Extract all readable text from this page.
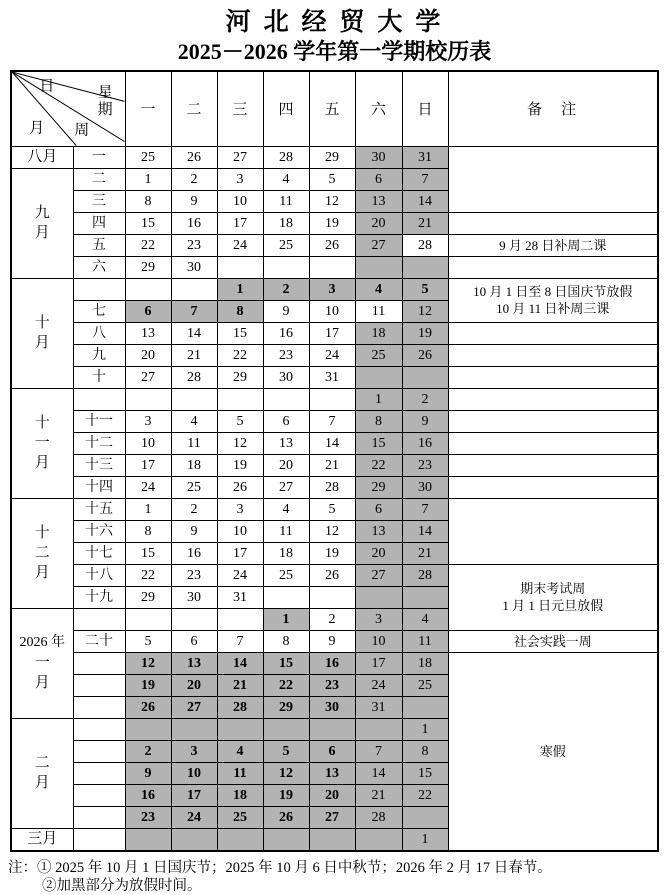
河 北 经 贸 大 学
2025－2026 学年第一学期校历表
日 星期
月 周		一	二	三	四	五	六	日	备　注

八月	一	25	26	27	28	29	30	31	

九
月	二	1	2	3	4	5	6	7	
	三	8	9	10	11	12	13	14	
	四	15	16	17	18	19	20	21	
	五	22	23	24	25	26	27	28	9 月 28 日补周二课

	六	29	30						

十
月
				1	2	3	4	5	10 月 1 日至 8 日国庆节放假
10 月 11 日补周三课

	七	6	7	8	9	10	11	12	
	八	13	14	15	16	17	18	19	
	九	20	21	22	23	24	25	26	
	十	27	28	29	30	31			

十
一
月							1	2	
	十一	3	4	5	6	7	8	9	
	十二	10	11	12	13	14	15	16	
	十三	17	18	19	20	21	22	23	
	十四	24	25	26	27	28	29	30	

十
二
月	十五	1	2	3	4	5	6	7	
	十六	8	9	10	11	12	13	14	
	十七	15	16	17	18	19	20	21	
	十八	22	23	24	25	26	27	28	期末考试周
1 月 1 日元旦放假

	十九	29	30	31					

2026 年
一
月					1	2	3	4	
	二十	5	6	7	8	9	10	11	社会实践一周

		12	13	14	15	16	17	18	寒假

		19	20	21	22	23	24	25	
		26	27	28	29	30	31		

二
月								1	
		2	3	4	5	6	7	8	
		9	10	11	12	13	14	15	
		16	17	18	19	20	21	22	
		23	24	25	26	27	28		

三月								1	
注：① 2025 年 10 月 1 日国庆节；2025 年 10 月 6 日中秋节；2026 年 2 月 17 日春节。
②加黑部分为放假时间。
